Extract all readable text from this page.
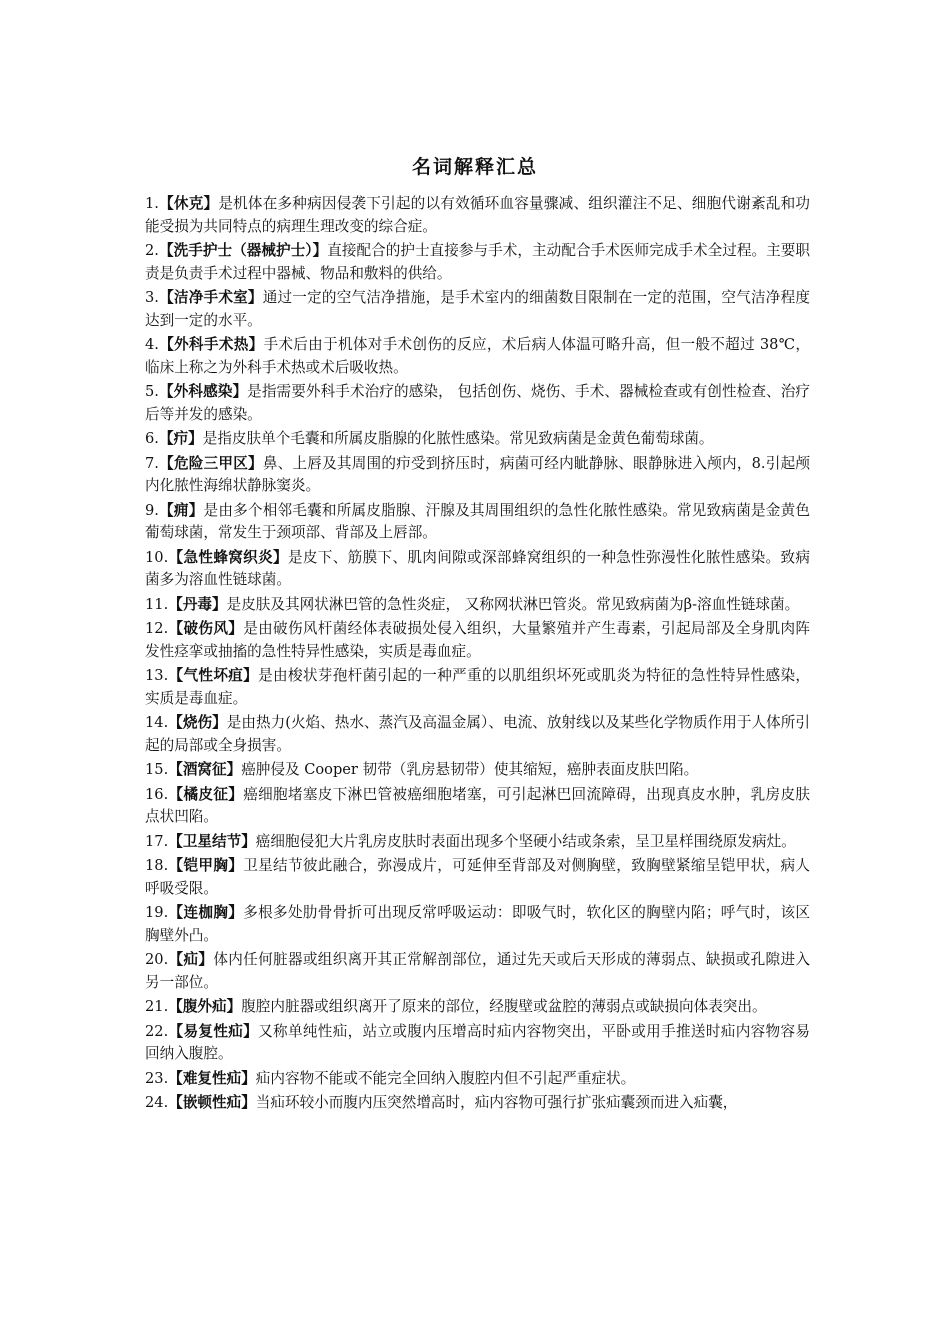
名词解释汇总

1.【休克】是机体在多种病因侵袭下引起的以有效循环血容量骤减、组织灌注不足、细胞代谢紊乱和功能受损为共同特点的病理生理改变的综合症。

2.【洗手护士（器械护士）】直接配合的护士直接参与手术，主动配合手术医师完成手术全过程。主要职责是负责手术过程中器械、物品和敷料的供给。

3.【洁净手术室】通过一定的空气洁净措施，是手术室内的细菌数目限制在一定的范围，空气洁净程度达到一定的水平。

4.【外科手术热】手术后由于机体对手术创伤的反应，术后病人体温可略升高，但一般不超过 38℃，临床上称之为外科手术热或术后吸收热。

5.【外科感染】是指需要外科手术治疗的感染， 包括创伤、烧伤、手术、器械检查或有创性检查、治疗后等并发的感染。

6.【疖】是指皮肤单个毛囊和所属皮脂腺的化脓性感染。常见致病菌是金黄色葡萄球菌。

7.【危险三甲区】鼻、上唇及其周围的疖受到挤压时，病菌可经内眦静脉、眼静脉进入颅内，8.引起颅内化脓性海绵状静脉窦炎。

9.【痈】是由多个相邻毛囊和所属皮脂腺、汗腺及其周围组织的急性化脓性感染。常见致病菌是金黄色葡萄球菌，常发生于颈项部、背部及上唇部。

10.【急性蜂窝织炎】是皮下、筋膜下、肌肉间隙或深部蜂窝组织的一种急性弥漫性化脓性感染。致病菌多为溶血性链球菌。

11.【丹毒】是皮肤及其网状淋巴管的急性炎症， 又称网状淋巴管炎。常见致病菌为β-溶血性链球菌。

12.【破伤风】是由破伤风杆菌经体表破损处侵入组织，大量繁殖并产生毒素，引起局部及全身肌肉阵发性痉挛或抽搐的急性特异性感染，实质是毒血症。

13.【气性坏疽】是由梭状芽孢杆菌引起的一种严重的以肌组织坏死或肌炎为特征的急性特异性感染，实质是毒血症。

14.【烧伤】是由热力(火焰、热水、蒸汽及高温金属）、电流、放射线以及某些化学物质作用于人体所引起的局部或全身损害。

15.【酒窝征】癌肿侵及 Cooper 韧带（乳房悬韧带）使其缩短，癌肿表面皮肤凹陷。

16.【橘皮征】癌细胞堵塞皮下淋巴管被癌细胞堵塞，可引起淋巴回流障碍，出现真皮水肿，乳房皮肤点状凹陷。

17.【卫星结节】癌细胞侵犯大片乳房皮肤时表面出现多个坚硬小结或条索，呈卫星样围绕原发病灶。

18.【铠甲胸】卫星结节彼此融合，弥漫成片，可延伸至背部及对侧胸壁，致胸壁紧缩呈铠甲状，病人呼吸受限。

19.【连枷胸】多根多处肋骨骨折可出现反常呼吸运动：即吸气时，软化区的胸壁内陷；呼气时，该区胸壁外凸。

20.【疝】体内任何脏器或组织离开其正常解剖部位，通过先天或后天形成的薄弱点、缺损或孔隙进入另一部位。

21.【腹外疝】腹腔内脏器或组织离开了原来的部位，经腹壁或盆腔的薄弱点或缺损向体表突出。

22.【易复性疝】又称单纯性疝，站立或腹内压增高时疝内容物突出，平卧或用手推送时疝内容物容易回纳入腹腔。

23.【难复性疝】疝内容物不能或不能完全回纳入腹腔内但不引起严重症状。

24.【嵌顿性疝】当疝环较小而腹内压突然增高时，疝内容物可强行扩张疝囊颈而进入疝囊，
